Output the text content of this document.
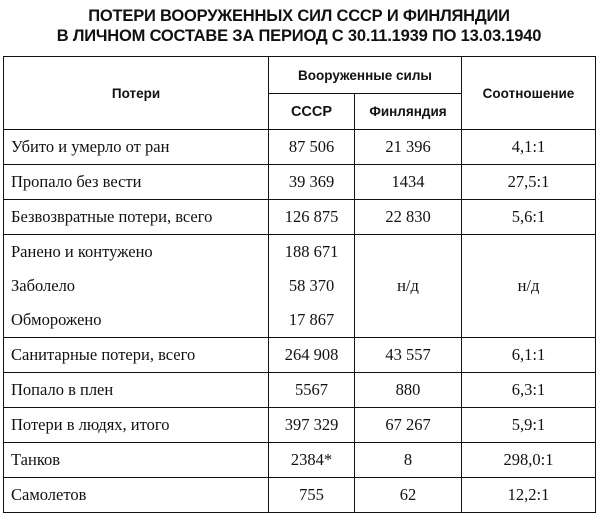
ПОТЕРИ ВООРУЖЕННЫХ СИЛ СССР И ФИНЛЯНДИИ
В ЛИЧНОМ СОСТАВЕ ЗА ПЕРИОД С 30.11.1939 ПО 13.03.1940
Потери	Вооруженные силы		Соотношение
	СССР	Финляндия	
Убито и умерло от ран	87 506	21 396	4,1:1
Пропало без вести	39 369	1434	27,5:1
Безвозвратные потери, всего	126 875	22 830	5,6:1
Ранено и контужено	188 671	н/д	н/д
Заболело	58 370		
Обморожено	17 867		
Санитарные потери, всего	264 908	43 557	6,1:1
Попало в плен	5567	880	6,3:1
Потери в людях, итого	397 329	67 267	5,9:1
Танков	2384*	8	298,0:1
Самолетов	755	62	12,2:1
